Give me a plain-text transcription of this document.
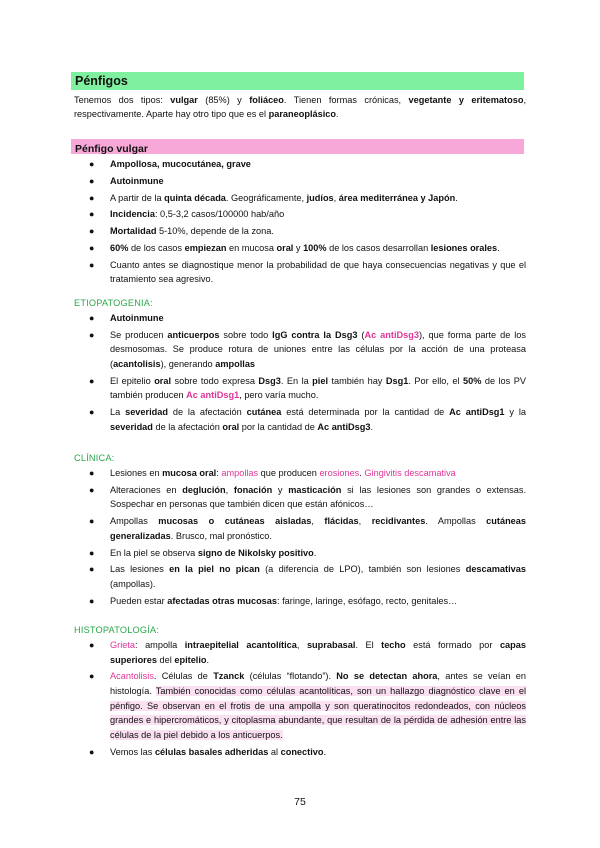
Pénfigos
Tenemos dos tipos: vulgar (85%) y foliáceo. Tienen formas crónicas, vegetante y eritematoso, respectivamente. Aparte hay otro tipo que es el paraneoplásico.
Pénfigo vulgar
● Ampollosa, mucocutánea, grave
● Autoinmune
● A partir de la quinta década. Geográficamente, judíos, área mediterránea y Japón.
● Incidencia: 0,5-3,2 casos/100000 hab/año
● Mortalidad 5-10%, depende de la zona.
● 60% de los casos empiezan en mucosa oral y 100% de los casos desarrollan lesiones orales.
● Cuanto antes se diagnostique menor la probabilidad de que haya consecuencias negativas y que el tratamiento sea agresivo.
ETIOPATOGENIA:
● Autoinmune
● Se producen anticuerpos sobre todo IgG contra la Dsg3 (Ac antiDsg3), que forma parte de los desmosomas. Se produce rotura de uniones entre las células por la acción de una proteasa (acantolisis), generando ampollas
● El epitelio oral sobre todo expresa Dsg3. En la piel también hay Dsg1. Por ello, el 50% de los PV también producen Ac antiDsg1, pero varía mucho.
● La severidad de la afectación cutánea está determinada por la cantidad de Ac antiDsg1 y la severidad de la afectación oral por la cantidad de Ac antiDsg3.
CLÍNICA:
● Lesiones en mucosa oral: ampollas que producen erosiones. Gingivitis descamativa
● Alteraciones en deglución, fonación y masticación si las lesiones son grandes o extensas. Sospechar en personas que también dicen que están afónicos…
● Ampollas mucosas o cutáneas aisladas, flácidas, recidivantes. Ampollas cutáneas generalizadas. Brusco, mal pronóstico.
● En la piel se observa signo de Nikolsky positivo.
● Las lesiones en la piel no pican (a diferencia de LPO), también son lesiones descamativas (ampollas).
● Pueden estar afectadas otras mucosas: faringe, laringe, esófago, recto, genitales…
HISTOPATOLOGÍA:
● Grieta: ampolla intraepitelial acantolítica, suprabasal. El techo está formado por capas superiores del epitelio.
● Acantolisis. Células de Tzanck (células “flotando”). No se detectan ahora, antes se veían en histología. También conocidas como células acantolíticas, son un hallazgo diagnóstico clave en el pénfigo. Se observan en el frotis de una ampolla y son queratinocitos redondeados, con núcleos grandes e hipercromáticos, y citoplasma abundante, que resultan de la pérdida de adhesión entre las células de la piel debido a los anticuerpos.
● Vemos las células basales adheridas al conectivo.
75
